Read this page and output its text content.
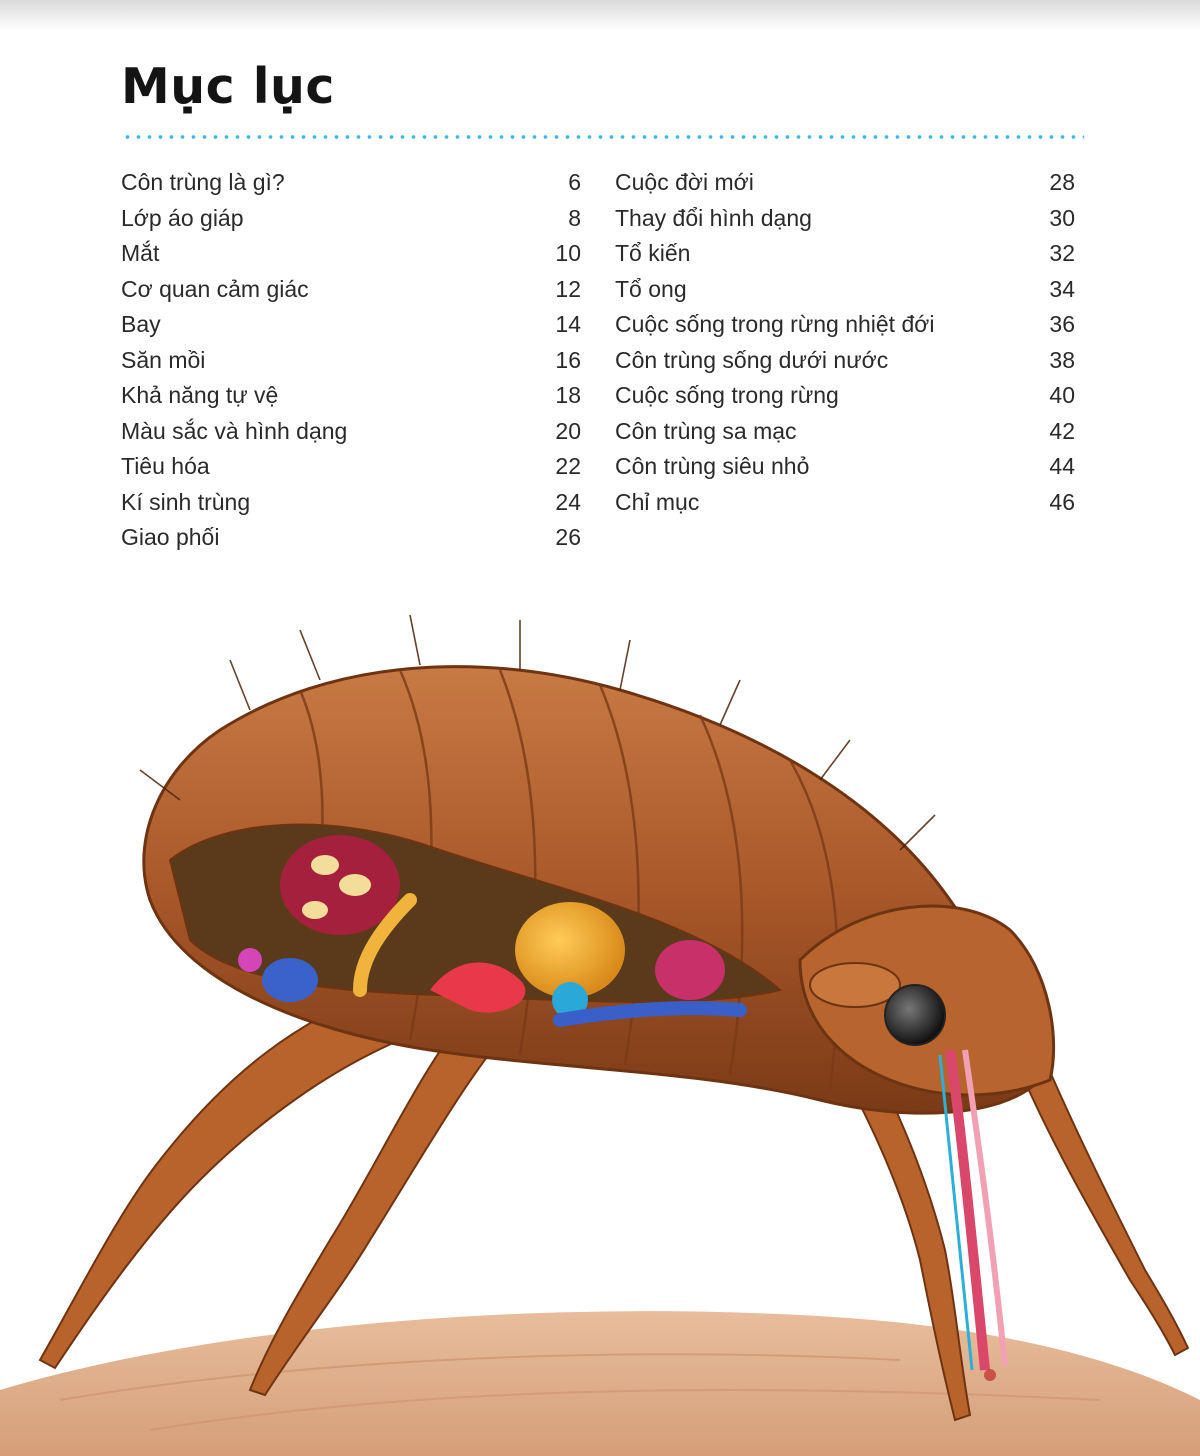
Mục lục
Côn trùng là gì?	6
Lớp áo giáp	8
Mắt	10
Cơ quan cảm giác	12
Bay	14
Săn mồi	16
Khả năng tự vệ	18
Màu sắc và hình dạng	20
Tiêu hóa	22
Kí sinh trùng	24
Giao phối	26
Cuộc đời mới	28
Thay đổi hình dạng	30
Tổ kiến	32
Tổ ong	34
Cuộc sống trong rừng nhiệt đới	36
Côn trùng sống dưới nước	38
Cuộc sống trong rừng	40
Côn trùng sa mạc	42
Côn trùng siêu nhỏ	44
Chỉ mục	46
